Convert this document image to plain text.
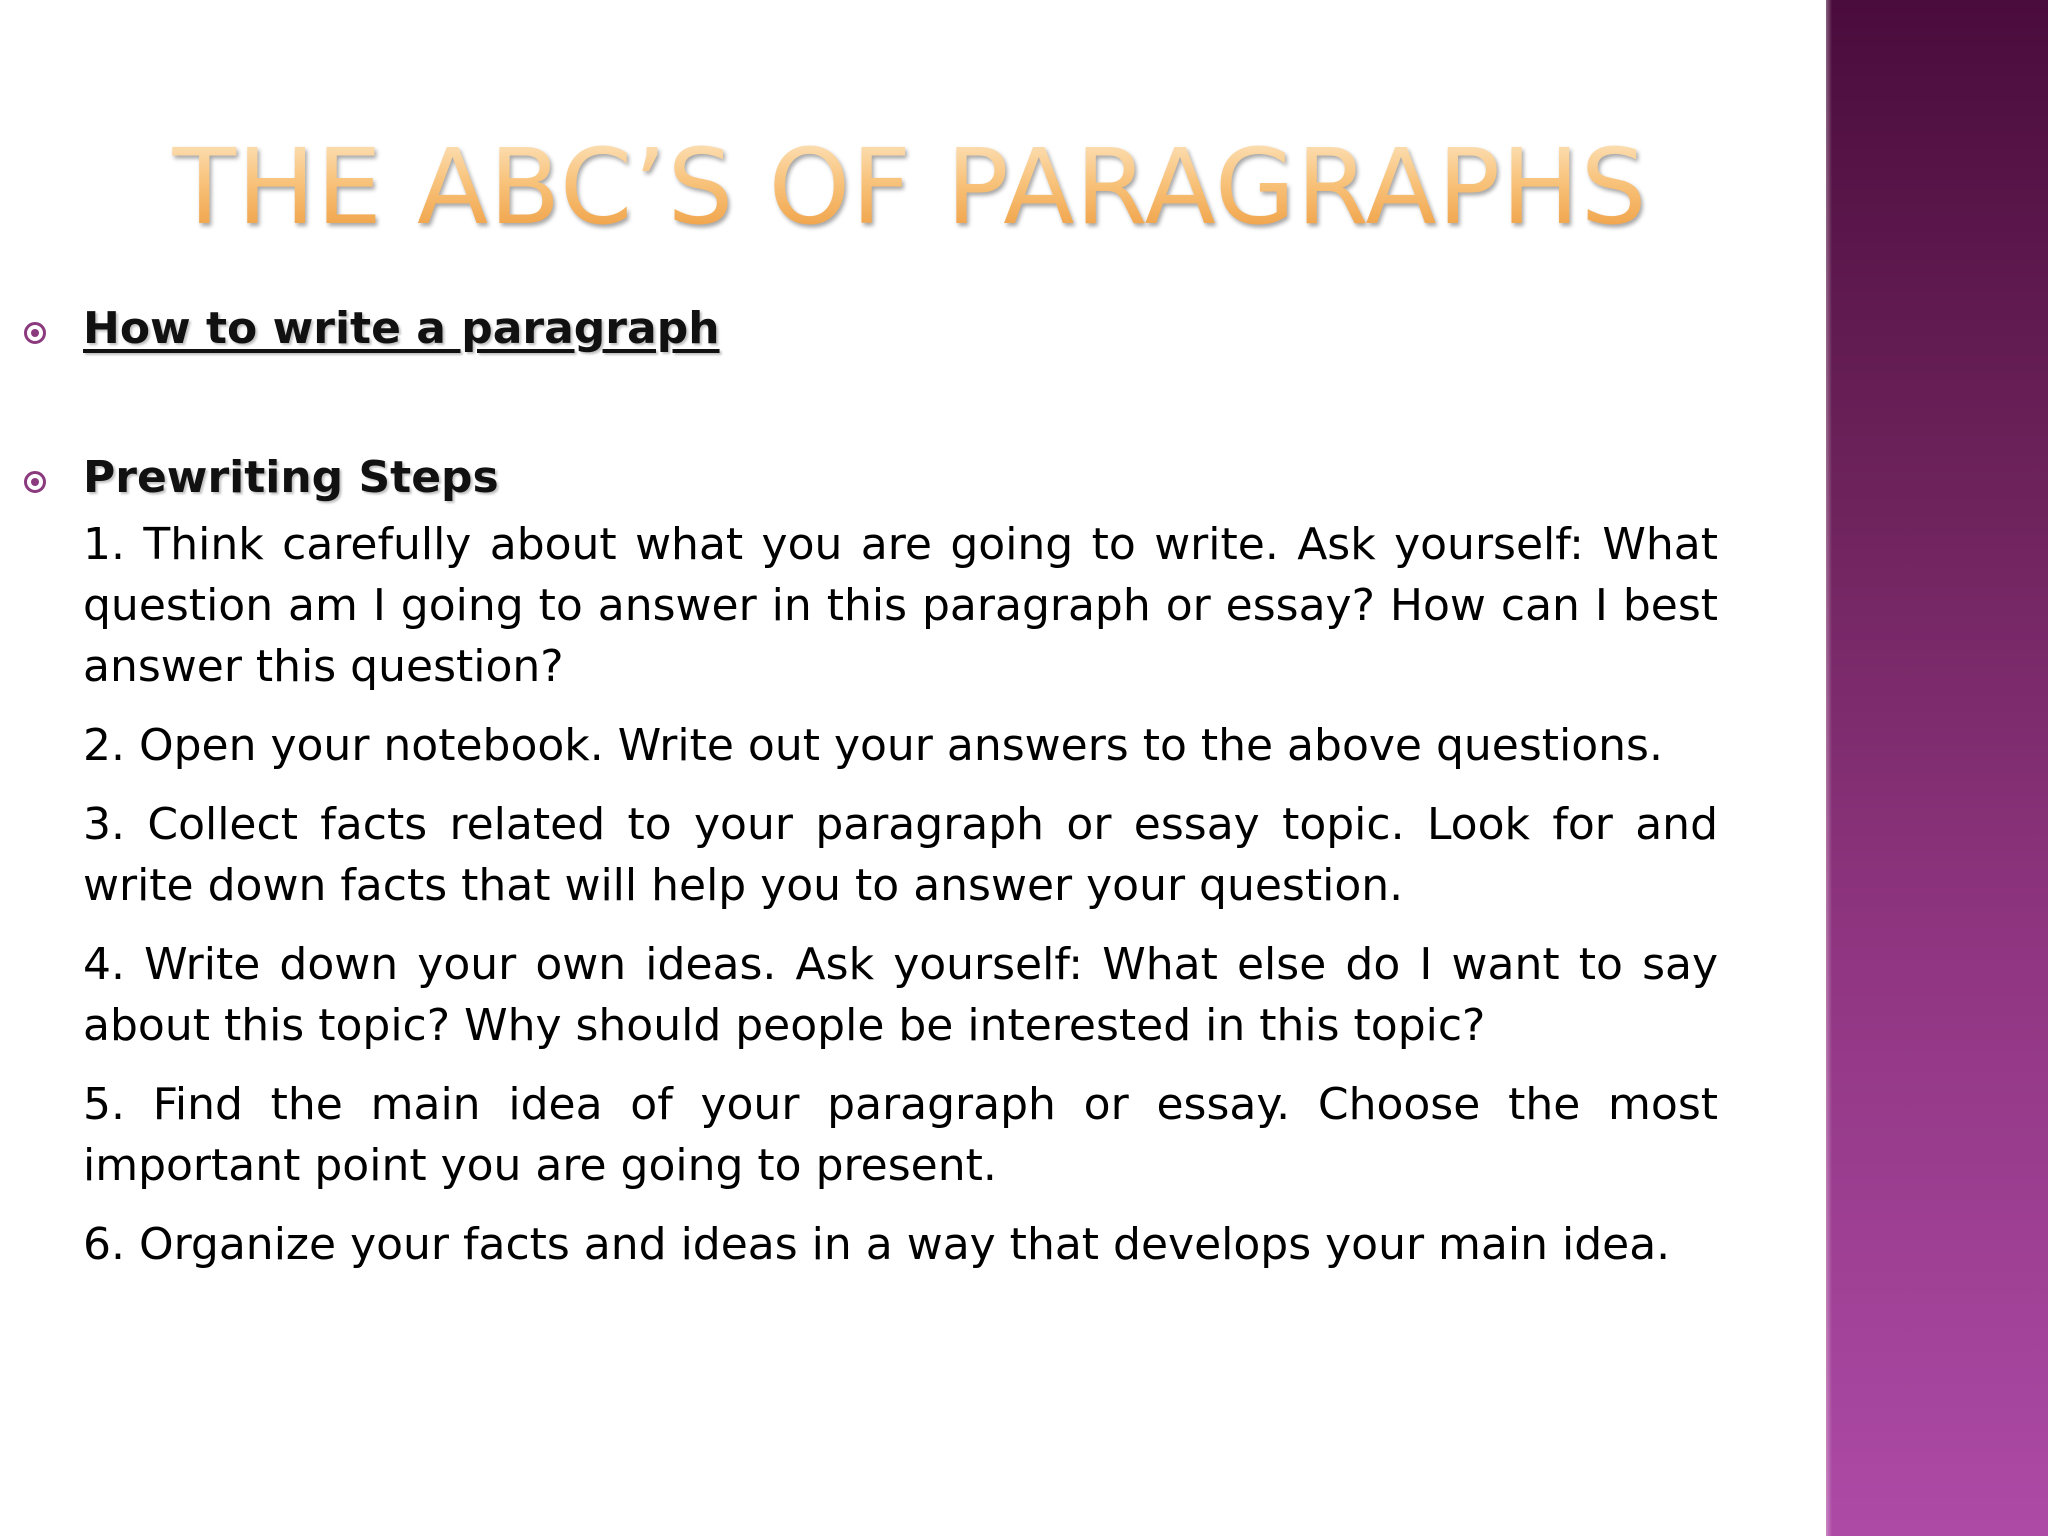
THE ABC’S OF PARAGRAPHS
How to write a paragraph
Prewriting Steps

1. Think carefully about what you are going to write. Ask yourself: What question am I going to answer in this paragraph or essay? How can I best answer this question?

2. Open your notebook. Write out your answers to the above questions.

3. Collect facts related to your paragraph or essay topic. Look for and write down facts that will help you to answer your question.

4. Write down your own ideas. Ask yourself: What else do I want to say about this topic? Why should people be interested in this topic?

5. Find the main idea of your paragraph or essay. Choose the most important point you are going to present.

6. Organize your facts and ideas in a way that develops your main idea.
